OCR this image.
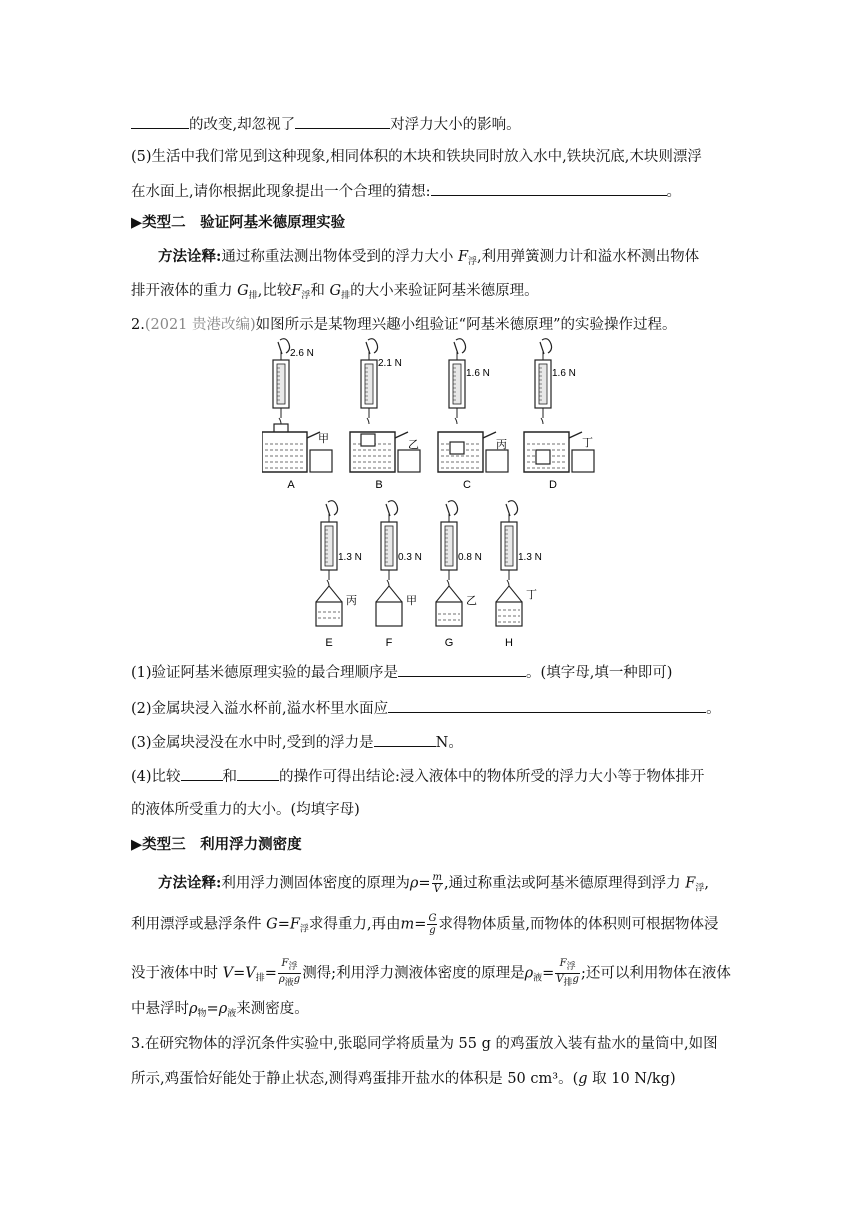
的改变,却忽视了	对浮力大小的影响。
(5)生活中我们常见到这种现象,相同体积的木块和铁块同时放入水中,铁块沉底,木块则漂浮
在水面上,请你根据此现象提出一个合理的猜想:	。
▶类型二　验证阿基米德原理实验
方法诠释:通过称重法测出物体受到的浮力大小 $F_浮$,利用弹簧测力计和溢水杯测出物体
排开液体的重力 $G_排$,比较$F_浮$和 $G_排$的大小来验证阿基米德原理。
2.(2021 贵港改编)如图所示是某物理兴趣小组验证“阿基米德原理”的实验操作过程。
2.6 N
甲
A
2.1 N
乙
B
1.6 N
丙
C
1.6 N
丁
D
1.3 N
丙
E
0.3 N
甲
F
0.8 N
乙
G
1.3 N
丁
H
(1)验证阿基米德原理实验的最合理顺序是	。(填字母,填一种即可)
(2)金属块浸入溢水杯前,溢水杯里水面应	。
(3)金属块浸没在水中时,受到的浮力是	N。
(4)比较	和	的操作可得出结论:浸入液体中的物体所受的浮力大小等于物体排开
的液体所受重力的大小。(均填字母)
▶类型三　利用浮力测密度
方法诠释:利用浮力测固体密度的原理为$\rho= \frac{m}{V}$ ,通过称重法或阿基米德原理得到浮力 $F_浮$,
利用漂浮或悬浮条件 $G=F_浮$求得重力,再由$m= \frac{G}{g}$ 求得物体质量,而物体的体积则可根据物体浸
没于液体中时 $V=V_排= \frac{F_浮}{\rho_液g}$ 测得;利用浮力测液体密度的原理是$\rho_液= \frac{F_浮}{V_排g}$ ;还可以利用物体在液体
中悬浮时$\rho_物=\rho_液$来测密度。
3.在研究物体的浮沉条件实验中,张聪同学将质量为 55 g 的鸡蛋放入装有盐水的量筒中,如图
所示,鸡蛋恰好能处于静止状态,测得鸡蛋排开盐水的体积是 50 cm³。(g 取 10 N/kg)
